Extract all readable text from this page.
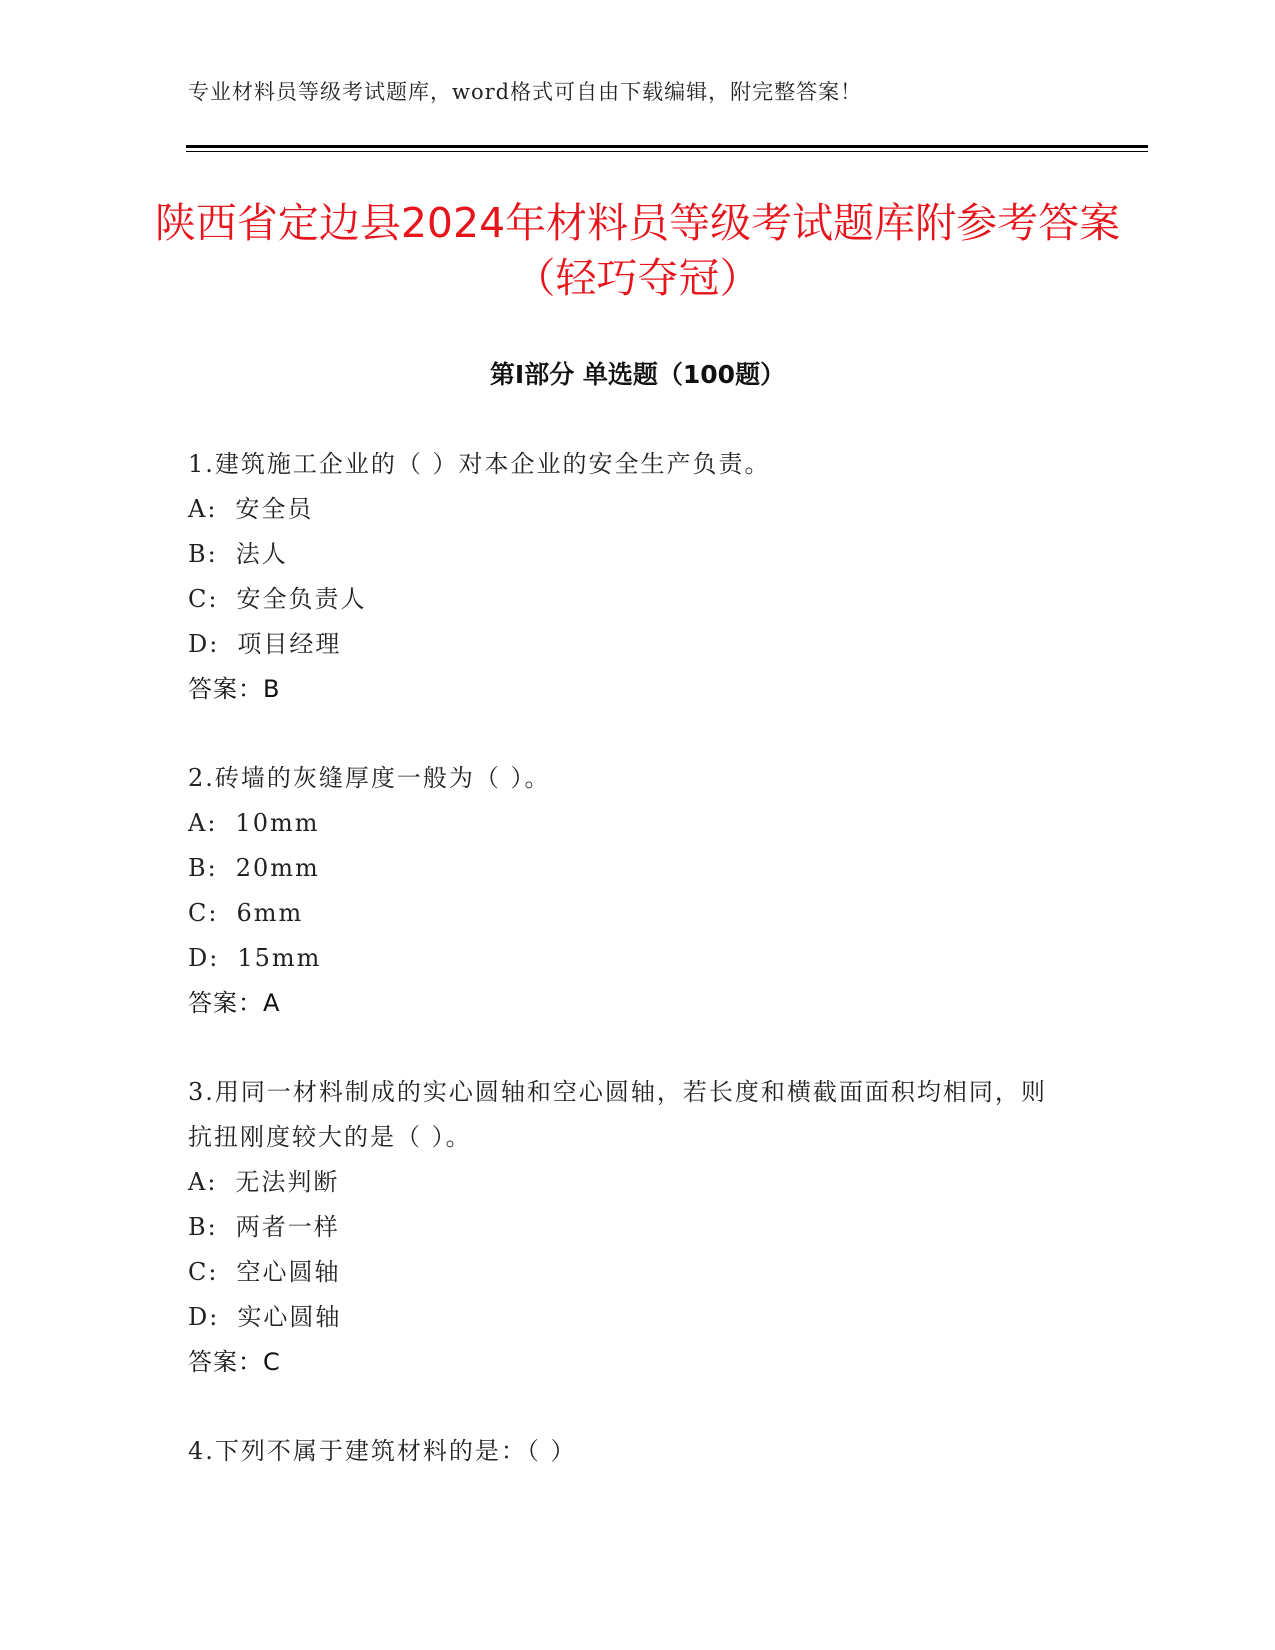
专业材料员等级考试题库，word格式可自由下载编辑，附完整答案！
陕西省定边县2024年材料员等级考试题库附参考答案（轻巧夺冠）
第Ⅰ部分 单选题（100题）

1.建筑施工企业的（ ）对本企业的安全生产负责。

A: 安全员

B: 法人

C: 安全负责人

D: 项目经理

答案：B

2.砖墙的灰缝厚度一般为（ ）。

A: 10mm

B: 20mm

C: 6mm

D: 15mm

答案：A

3.用同一材料制成的实心圆轴和空心圆轴，若长度和横截面面积均相同，则抗扭刚度较大的是（ ）。

A: 无法判断

B: 两者一样

C: 空心圆轴

D: 实心圆轴

答案：C

4.下列不属于建筑材料的是：（ ）
